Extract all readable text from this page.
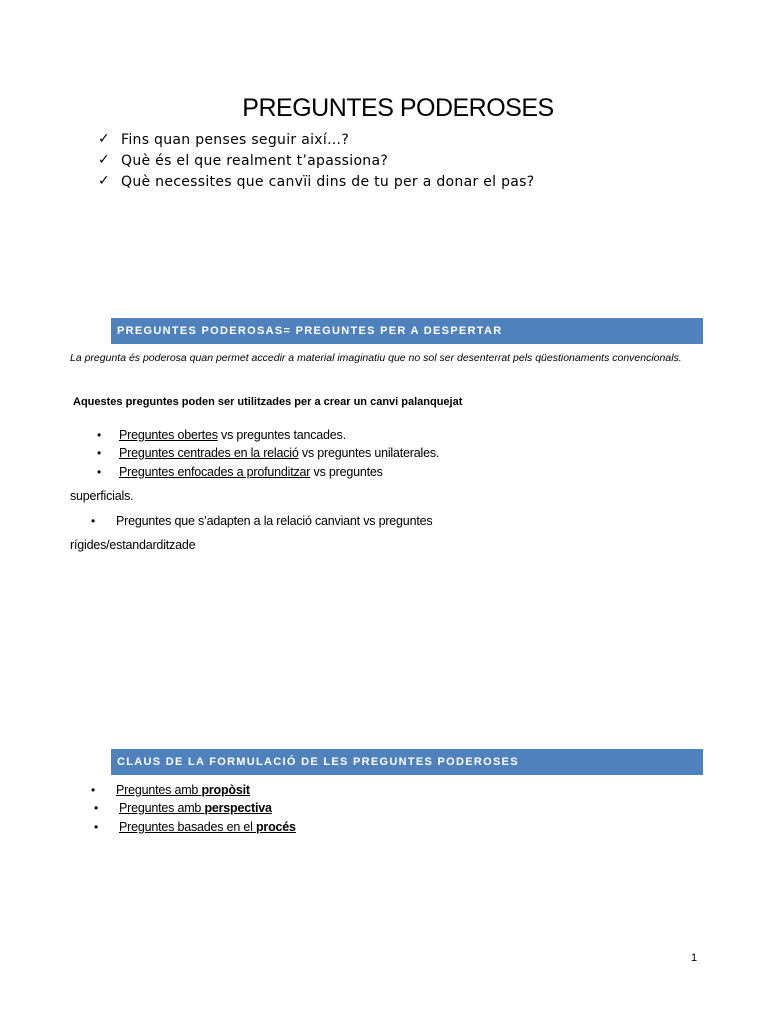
PREGUNTES PODEROSES
✓ Fins quan penses seguir així…?
✓ Què és el que realment t’apassiona?
✓ Què necessites que canvïi dins de tu per a donar el pas?
PREGUNTES PODEROSAS= PREGUNTES PER A DESPERTAR
La pregunta és poderosa quan permet accedir a material imaginatiu que no sol ser desenterrat pels qüestionaments convencionals.
Aquestes preguntes poden ser utilitzades per a crear un canvi palanquejat
• Preguntes obertes vs preguntes tancades.
• Preguntes centrades en la relació vs preguntes unilaterales.
• Preguntes enfocades a profunditzar vs preguntes
superficials.
• Preguntes que s’adapten a la relació canviant vs preguntes
rígides/estandarditzade
CLAUS DE LA FORMULACIÓ DE LES PREGUNTES PODEROSES
• Preguntes amb propòsit
• Preguntes amb perspectiva
• Preguntes basades en el procés
1
